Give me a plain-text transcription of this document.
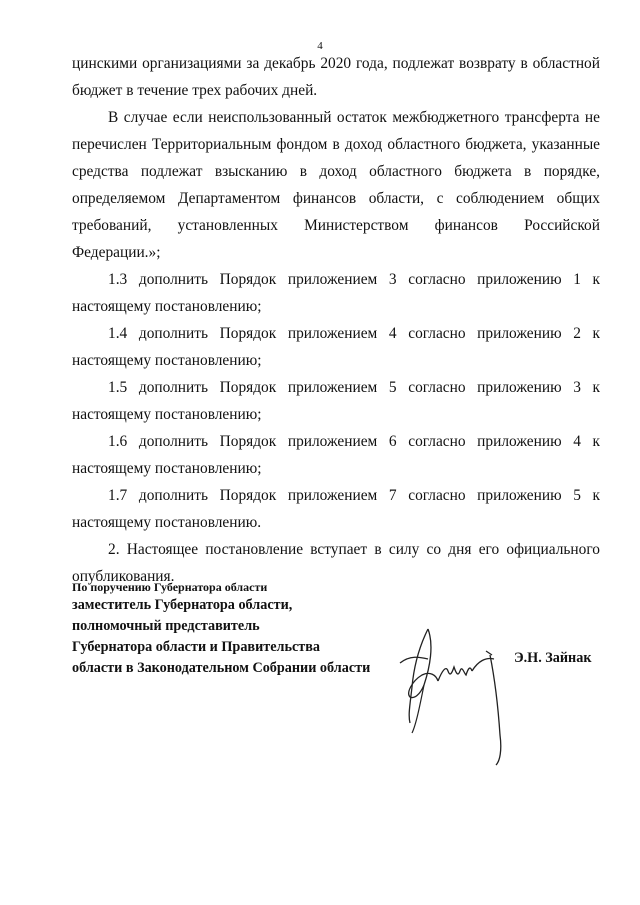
4

цинскими организациями за декабрь 2020 года, подлежат возврату в областной бюджет в течение трех рабочих дней.

В случае если неиспользованный остаток межбюджетного трансферта не перечислен Территориальным фондом в доход областного бюджета, указанные средства подлежат взысканию в доход областного бюджета в порядке, определяемом Департаментом финансов области, с соблюдением общих требований, установленных Министерством финансов Российской Федерации.»;

1.3 дополнить Порядок приложением 3 согласно приложению 1 к настоящему постановлению;

1.4 дополнить Порядок приложением 4 согласно приложению 2 к настоящему постановлению;

1.5 дополнить Порядок приложением 5 согласно приложению 3 к настоящему постановлению;

1.6 дополнить Порядок приложением 6 согласно приложению 4 к настоящему постановлению;

1.7 дополнить Порядок приложением 7 согласно приложению 5 к настоящему постановлению.

2. Настоящее постановление вступает в силу со дня его официального опубликования.

По поручению Губернатора области
заместитель Губернатора области,
полномочный представитель
Губернатора области и Правительства
области в Законодательном Собрании области
Э.Н. Зайнак
